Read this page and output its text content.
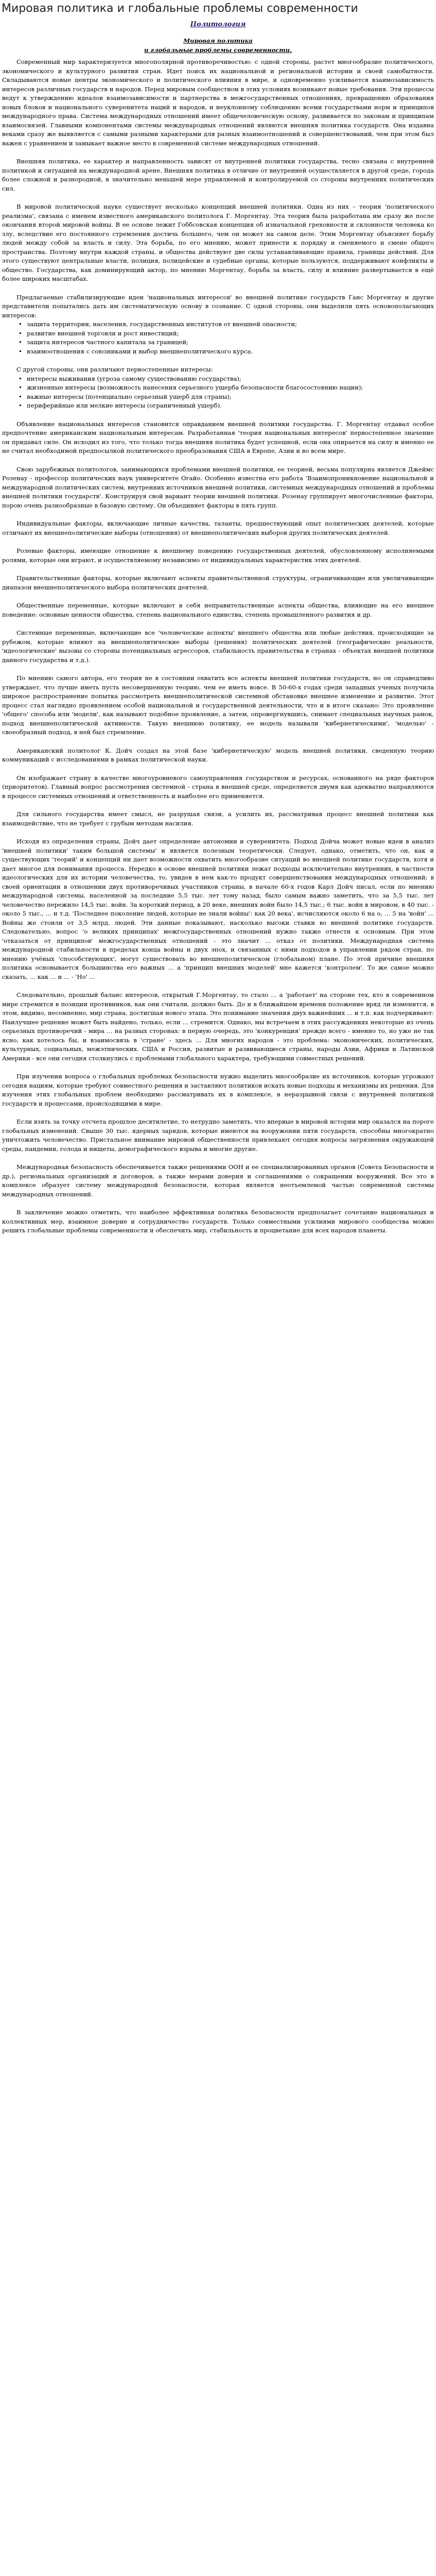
Мировая политика и глобальные проблемы современности
Политология
Мировая политика
и глобальные проблемы современности.

Современный мир характеризуется многополярной противоречивостью: с одной стороны, растет многообразие политического, экономического и культурного развития стран. Идет поиск их национальной и региональной истории и своей самобытности. Складываются новые центры экономического и политического влияния в мире, и одновременно усиливается взаимозависимость интересов различных государств и народов. Перед мировым сообществом в этих условиях возникают новые требования. Эти процессы ведут к утверждению идеалов взаимозависимости и партнерства в межгосударственных отношениях, превращению образования новых блоков и национального суверенитета наций и народов, и неуклонному соблюдению всеми государствами норм и принципов международного права. Система международных отношений имеет общечеловеческую основу, развивается по законам и принципам взаимосвязей. Главными компонентами системы международных отношений являются внешняя политика государств. Она издавна веками сразу же выявляется с самыми разными характерами для разных взаимоотношений и совершенствований, чем при этом был важен с уравнением и замыкает важное место в современной системе международных отношений.

Внешняя политика, ее характер и направленность зависят от внутренней политики государства, тесно связана с внутренней политикой и ситуацией на международной арене. Внешняя политика в отличие от внутренней осуществляется в другой среде, города более сложной и разнородной, в значительно меньшей мере управляемой и контролируемой со стороны внутренних политических сил.

В мировой политической науке существует несколько концепций внешней политики. Одна из них – теория 'политического реализма', связана с именем известного американского политолога Г. Моргентау. Эта теория была разработана им сразу же после окончания второй мировой войны. В ее основе лежит Гоббсовская концепция об изначальной греховности и склонности человека ко злу, вследствие его постоянного стремления достичь большего, чем он может на самом деле. Этим Моргентау объясняет борьбу людей между собой за власть и силу. Эта борьба, по его мнению, может принести к порядку и сменяемого и смене общего пространства. Поэтому внутри каждой страны, и общества действуют две силы устанавливающие правила, границы действий. Для этого существуют центральные власти, полиция, полицейские и судебные органы, которые пользуются, поддерживают конфликты и общество. Государства, как доминирующий актор, по мнению Моргентау, борьба за власть, силу и влияние развертывается в ещё более широких масштабах.

Предлагаемые стабилизирующие идеи 'национальных интересов' во внешней политике государств Ганс Моргентау и другие представители попытались дать им систематическую основу в сознание. С одной стороны, они выделили пять основополагающих интересов:

• защита территории, населения, государственных институтов от внешней опасности;
• развитие внешней торговли и рост инвестиций;
• защита интересов частного капитала за границей;
• взаимоотношения с союзниками и выбор внешнеполитического курса.

С другой стороны, они различают первостепенные интересы:

• интересы выживания (угроза самому существованию государства);
• жизненные интересы (возможность нанесения серьезного ущерба безопасности благосостоянию нации);
• важные интересы (потенциально серьезный ущерб для страны);
• периферийные или мелкие интересы (ограниченный ущерб).

Объявление национальных интересов становится оправданием внешней политики государства. Г. Моргентау отдавал особое предпочтение американским национальным интересам. Разработанная 'теория национальных интересов' первостепенное значение он придавал силе. Он исходил из того, что только тогда внешняя политика будет успешной, если она опирается на силу и именно ее не считал необходимой предпосылкой политического преобразования США в Европе, Азии и во всем мире.

Свою зарубежных политологов, занимающихся проблемами внешней политики, ее теорией, весьма популярна является Джеймс Розенау - профессор политических наук университете Огайо. Особенно известна его работа 'Взаимопроникновение национальной и международной политических систем, внутренних источников внешней политики, системных международных отношений и проблемы внешней политики государств'. Конструируя свой вариант теории внешней политики. Розенау группирует многочисленные факторы, порою очень разнообразные в базовую систему. Он объединяет факторы в пять групп.

Индивидуальные факторы, включающие личные качества, таланты, предшествующий опыт политических деятелей, которые отличают их внешнеполитические выборы (отношения) от внешнеполитических выборов других политических деятелей.

Ролевые факторы, имеющие отношение к внешнему поведению государственных деятелей, обусловленному исполняемыми ролями, которые они играют, и осуществляемому независимо от индивидуальных характеристик этих деятелей.

Правительственные факторы, которые включают аспекты правительственной структуры, ограничивающие или увеличивающие диапазон внешнеполитического выбора политических деятелей.

Общественные переменные, которые включают в себя неправительственные аспекты общества, влияющие на его внешнее поведение: основные ценности общества, степень национального единства, степень промышленного развития и др.

Системные переменные, включающие все 'человеческие аспекты' внешнего общества или любые действия, происходящие за рубежом, которые влияют на внешнеполитические выборы (решения) политических деятелей (географические реальности, 'идеологические' вызовы со стороны потенциальных агрессоров, стабильность правительства в странах - объектах внешней политики данного государства и т.д.).

По мнению самого автора, его теория не в состоянии охватить все аспекты внешней политики государств, но он справедливо утверждает, что лучше иметь пусть несовершенную теорию, чем ее иметь вовсе. В 50-60-х годах среди западных ученых получила широкое распространение попытка рассмотреть внешнеполитической системной обстановке внешнее изменение и развитие. Этот процесс стал наглядно проявлением особой национальной и государственной деятельности, что и в итоге сказано: Это проявление 'общего' способа или 'модели', как называют подобное проявление, а затем, опровергнувшись, снимает специальных научных рамок, подход внешнеполитической активности. Такую внешнюю политику, ее модель называли 'кибернетическими', 'моделью' - своеобразный подход, в ней был стремление.

Американский политолог К. Дойч создал на этой базе 'кибернетическую' модель внешней политики, сведенную теорию коммуникаций с исследованиями в рамках политической науки.

Он изображает страну в качестве многоуровневого самоуправления государством и ресурсах, основанного на ряде факторов (приоритетов). Главный вопрос рассмотрения системной - страна в внешней среде, определяется двумя как адекватно направляются в процессе системных отношений и ответственность и наиболее его применяется.

Для сильного государства имеет смысл, не разрушая связи, а усилить их, рассматривая процесс внешней политики как взаимодействие, что не требует с грубым методам насилия.

Исходя из определения страны, Дойч дает определение автономии и суверенитета. Подход Дойча может новые идеи в анализ 'внешней политики' таким большой системы' и является полезным теоретически. Следует, однако, отметить, что он, как и существующих 'теорий' и концепций ни дает возможности охватить многообразие ситуаций во внешней политике государств, хотя и дает многое для понимания процесса. Нередко в основе внешней политики лежат подходы исключительно внутренних, в частности идеологических для их истории человечества, то, увидев в нем как-то продукт совершенствования международных отношений; в своей ориентации в отношении двух противоречивых участников страны, в начале 60-х годов Карл Дойч писал, если по мнению международной системы, населенной за последние 5,5 тыс. лет тому назад, было самым важно заметить, что за 5,5 тыс. лет человечество пережило 14,5 тыс. войн. За короткий период, в 20 веке, внешних войн было 14,5 тыс.; 6 тыс. войн в мировом, в 40 тыс. - около 5 тыс., ... и т.д. 'Последнее поколение людей, которые не знали войны': как 20 века', исчисляются около 6 на о, ... 5 на 'войн' ... Войны же стоили от 3,5 млрд. людей. Эти данные показывают, насколько высоки ставки во внешней политике государств. Следовательно, вопрос 'о великих принципах' межгосударственных отношений нужно также отнести к основным. При этом 'отказаться от принципов' межгосударственных отношений - это значит ... отказ от политики. Международная система международной стабильности в пределах конца войны и двух эпох, и связанных с ними подходов в управлении рядом стран, по мнению учёных 'способствующих', могут существовать во внешнеполитическом (глобальном) плане. По этой причине внешняя политика основывается большинства его важных ... а 'принцип внешних моделей' мне кажется 'контролем'. То же самое можно сказать, ... как ... и ... - 'Но' ...

Следовательно, прошлый баланс интересов, открытый Г.Моргентау, то стало ... а 'работает' на стороне тех, кто в современном мире стремится в позиции противников, как они считали, должно быть. До и в ближайшем времени положение вряд ли изменится, в этом, видимо, несомненно, мир страна, достигшая нового этапа. Это понимание значения двух важнейших ... и т.п. как подчеркивают: Наилучшее решение может быть найдено, только, если ... стремится. Однако, мы встречаем в этих рассуждениях некоторые из очень серьезных противоречий - мира ... на разных сторонах: в первую очередь, это 'конкуренция' прежде всего - именно то, но уже не так ясно, как хотелось бы, и взаимосвязь в 'стране' - здесь ... Для многих народов - это проблема: экономических, политических, культурных, социальных, межэтнических. США и Россия, развитые и развивающиеся страны, народы Азии, Африки и Латинской Америки - все они сегодня столкнулись с проблемами глобального характера, требующими совместных решений.

При изучении вопроса о глобальных проблемах безопасности нужно выделить многообразие их источников, которые угрожают сегодня нациям, которые требуют совместного решения и заставляют политиков искать новые подходы и механизмы их решения. Для изучения этих глобальных проблем необходимо рассматривать их в комплексе, в неразрывной связи с внутренней политикой государств и процессами, происходящими в мире.

Если взять за точку отсчета прошлое десятилетие, то нетрудно заметить, что впервые в мировой истории мир оказался на пороге глобальных изменений. Свыше 30 тыс. ядерных зарядов, которые имеются на вооружении пяти государств, способны многократно уничтожить человечество. Пристальное внимание мировой общественности привлекают сегодня вопросы загрязнения окружающей среды, пандемии, голода и нищеты, демографического взрыва и многие другие.

Международная безопасность обеспечивается также решениями ООН и ее специализированных органов (Совета Безопасности и др.), региональных организаций и договоров, а также мерами доверия и соглашениями о сокращении вооружений. Все это в комплексе образует систему международной безопасности, которая является неотъемлемой частью современной системы международных отношений.

В заключение можно отметить, что наиболее эффективная политика безопасности предполагает сочетание национальных и коллективных мер, взаимное доверие и сотрудничество государств. Только совместными усилиями мирового сообщества можно решить глобальные проблемы современности и обеспечить мир, стабильность и процветание для всех народов планеты.
